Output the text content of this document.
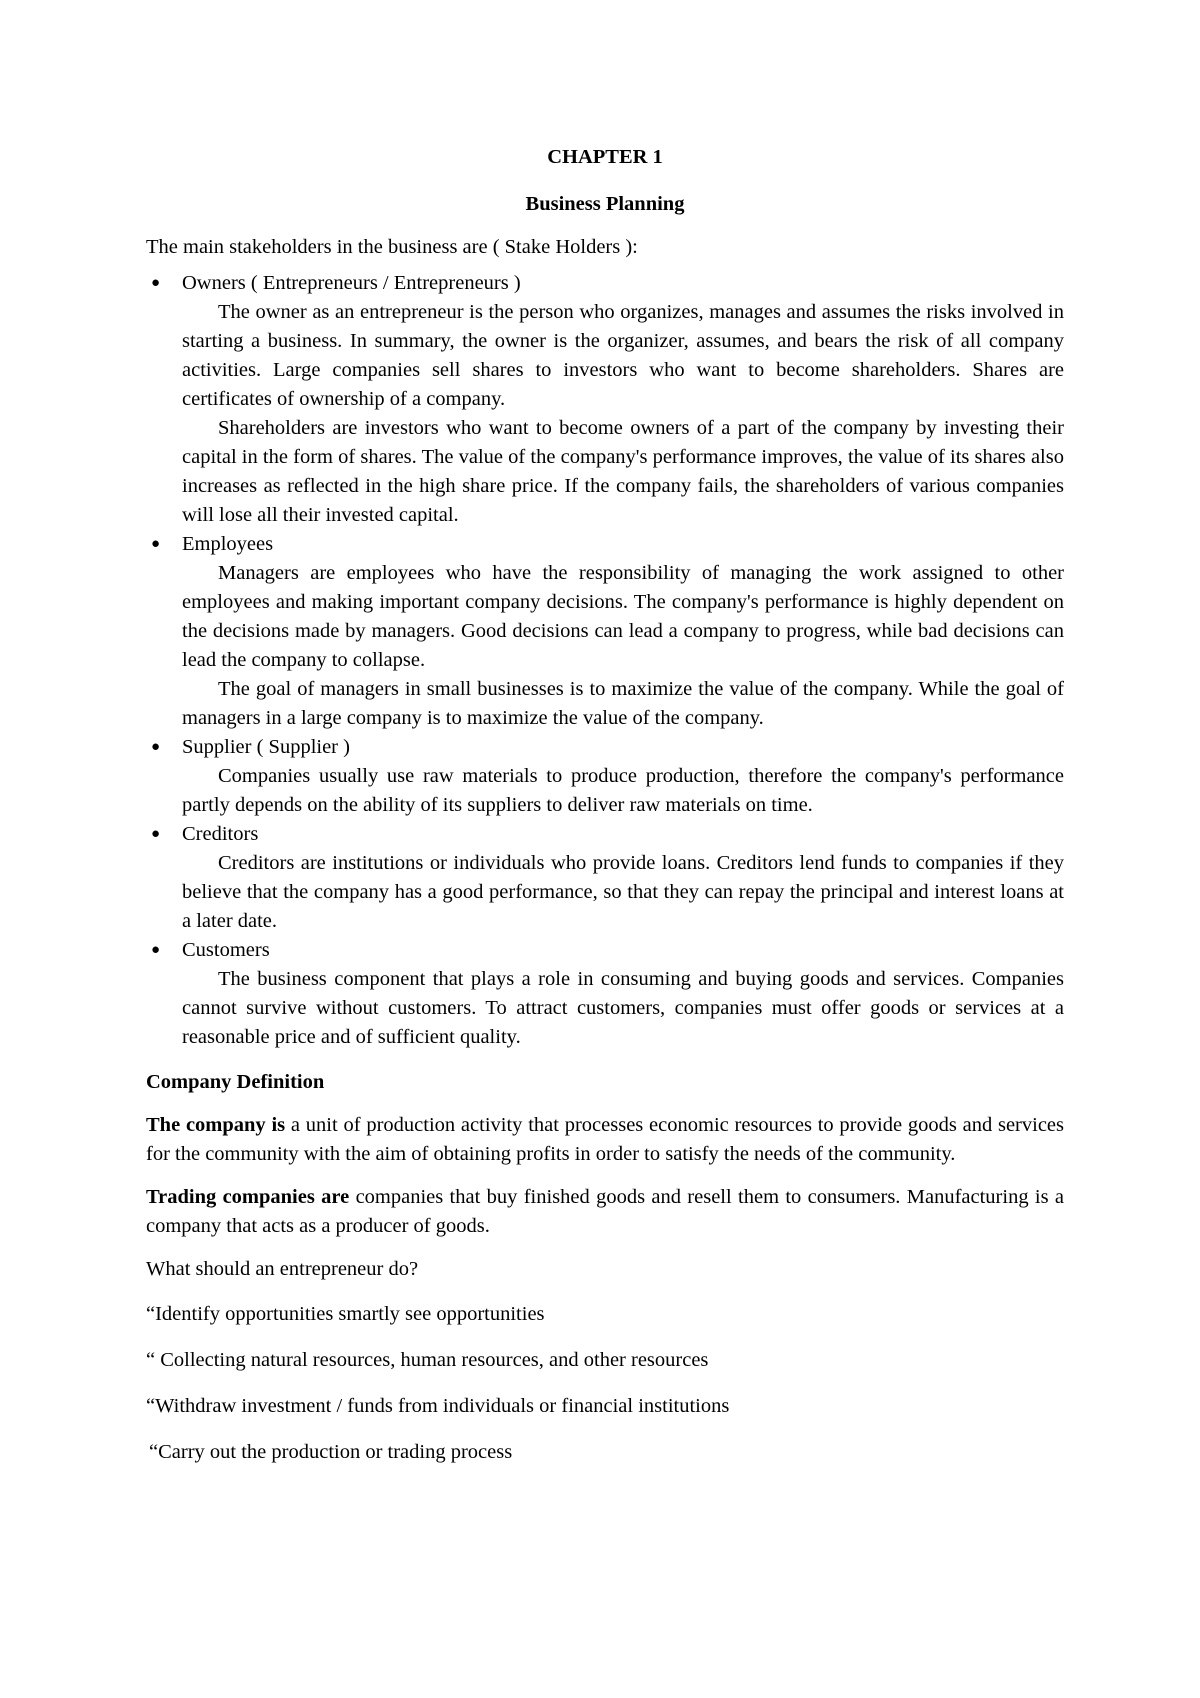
CHAPTER 1
Business Planning

The main stakeholders in the business are ( Stake Holders ):

● Owners ( Entrepreneurs / Entrepreneurs )

The owner as an entrepreneur is the person who organizes, manages and assumes the risks involved in starting a business. In summary, the owner is the organizer, assumes, and bears the risk of all company activities. Large companies sell shares to investors who want to become shareholders. Shares are certificates of ownership of a company.

Shareholders are investors who want to become owners of a part of the company by investing their capital in the form of shares. The value of the company's performance improves, the value of its shares also increases as reflected in the high share price. If the company fails, the shareholders of various companies will lose all their invested capital.

● Employees

Managers are employees who have the responsibility of managing the work assigned to other employees and making important company decisions. The company's performance is highly dependent on the decisions made by managers. Good decisions can lead a company to progress, while bad decisions can lead the company to collapse.

The goal of managers in small businesses is to maximize the value of the company. While the goal of managers in a large company is to maximize the value of the company.

● Supplier ( Supplier )

Companies usually use raw materials to produce production, therefore the company's performance partly depends on the ability of its suppliers to deliver raw materials on time.

● Creditors

Creditors are institutions or individuals who provide loans. Creditors lend funds to companies if they believe that the company has a good performance, so that they can repay the principal and interest loans at a later date.

● Customers

The business component that plays a role in consuming and buying goods and services. Companies cannot survive without customers. To attract customers, companies must offer goods or services at a reasonable price and of sufficient quality.

Company Definition

The company is a unit of production activity that processes economic resources to provide goods and services for the community with the aim of obtaining profits in order to satisfy the needs of the community.

Trading companies are companies that buy finished goods and resell them to consumers. Manufacturing is a company that acts as a producer of goods.

What should an entrepreneur do?

“Identify opportunities smartly see opportunities

“ Collecting natural resources, human resources, and other resources

“Withdraw investment / funds from individuals or financial institutions

“Carry out the production or trading process
